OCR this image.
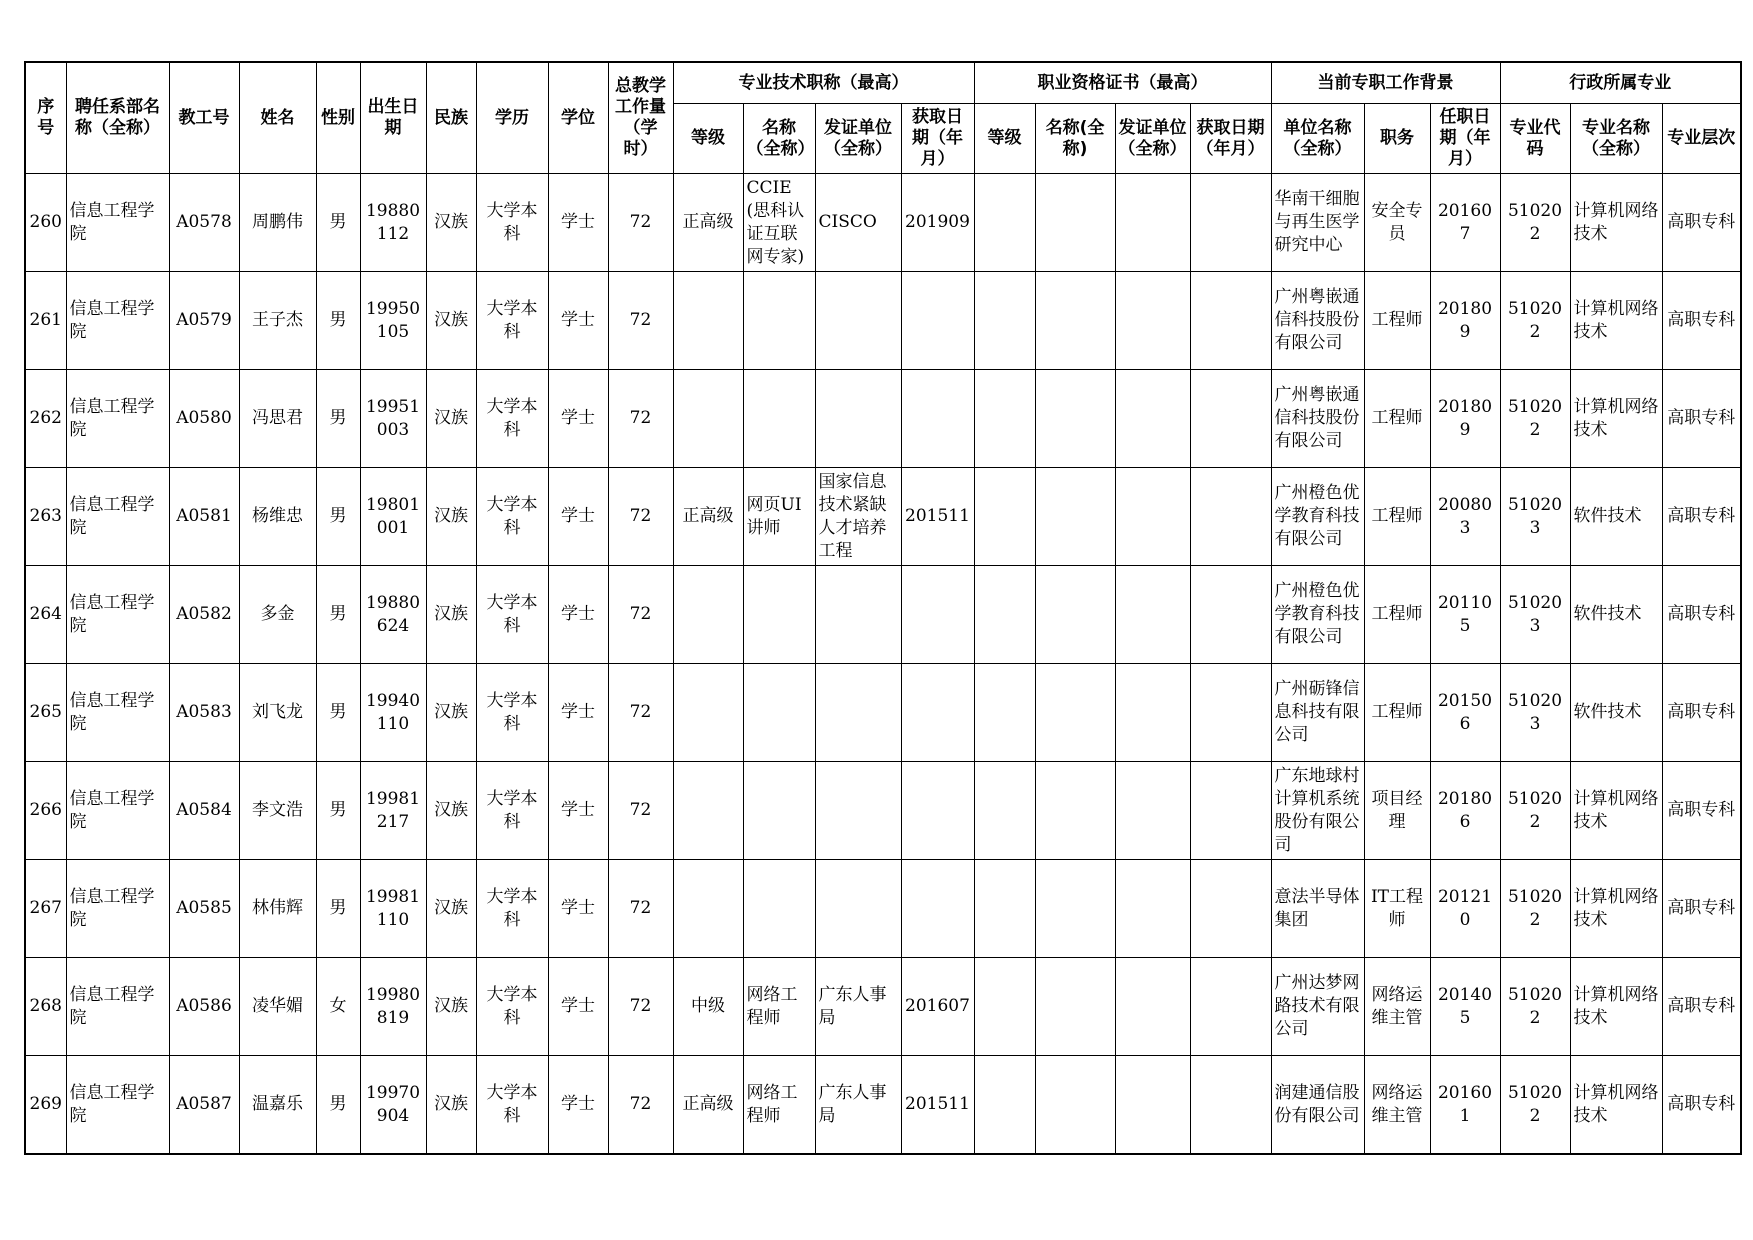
序号	聘任系部名称（全称）	教工号	姓名	性别	出生日期	民族	学历	学位	总教学工作量（学时）	专业技术职称（最高）				职业资格证书（最高）				当前专职工作背景			行政所属专业		
										等级	名称（全称）	发证单位（全称）	获取日期（年月）	等级	名称(全称)	发证单位（全称）	获取日期（年月）	单位名称（全称）	职务	任职日期（年月）	专业代码	专业名称（全称）	专业层次
260	信息工程学院	A0578	周鹏伟	男	19880112	汉族	大学本科	学士	72	正高级	CCIE(思科认证互联网专家)	CISCO	201909					华南干细胞与再生医学研究中心	安全专员	201607	510202	计算机网络技术	高职专科
261	信息工程学院	A0579	王子杰	男	19950105	汉族	大学本科	学士	72									广州粤嵌通信科技股份有限公司	工程师	201809	510202	计算机网络技术	高职专科
262	信息工程学院	A0580	冯思君	男	19951003	汉族	大学本科	学士	72									广州粤嵌通信科技股份有限公司	工程师	201809	510202	计算机网络技术	高职专科
263	信息工程学院	A0581	杨维忠	男	19801001	汉族	大学本科	学士	72	正高级	网页UI讲师	国家信息技术紧缺人才培养工程	201511					广州橙色优学教育科技有限公司	工程师	200803	510203	软件技术	高职专科
264	信息工程学院	A0582	多金	男	19880624	汉族	大学本科	学士	72									广州橙色优学教育科技有限公司	工程师	201105	510203	软件技术	高职专科
265	信息工程学院	A0583	刘飞龙	男	19940110	汉族	大学本科	学士	72									广州砺锋信息科技有限公司	工程师	201506	510203	软件技术	高职专科
266	信息工程学院	A0584	李文浩	男	19981217	汉族	大学本科	学士	72									广东地球村计算机系统股份有限公司	项目经理	201806	510202	计算机网络技术	高职专科
267	信息工程学院	A0585	林伟辉	男	19981110	汉族	大学本科	学士	72									意法半导体集团	IT工程师	201210	510202	计算机网络技术	高职专科
268	信息工程学院	A0586	凌华媚	女	19980819	汉族	大学本科	学士	72	中级	网络工程师	广东人事局	201607					广州达梦网路技术有限公司	网络运维主管	201405	510202	计算机网络技术	高职专科
269	信息工程学院	A0587	温嘉乐	男	19970904	汉族	大学本科	学士	72	正高级	网络工程师	广东人事局	201511					润建通信股份有限公司	网络运维主管	201601	510202	计算机网络技术	高职专科
